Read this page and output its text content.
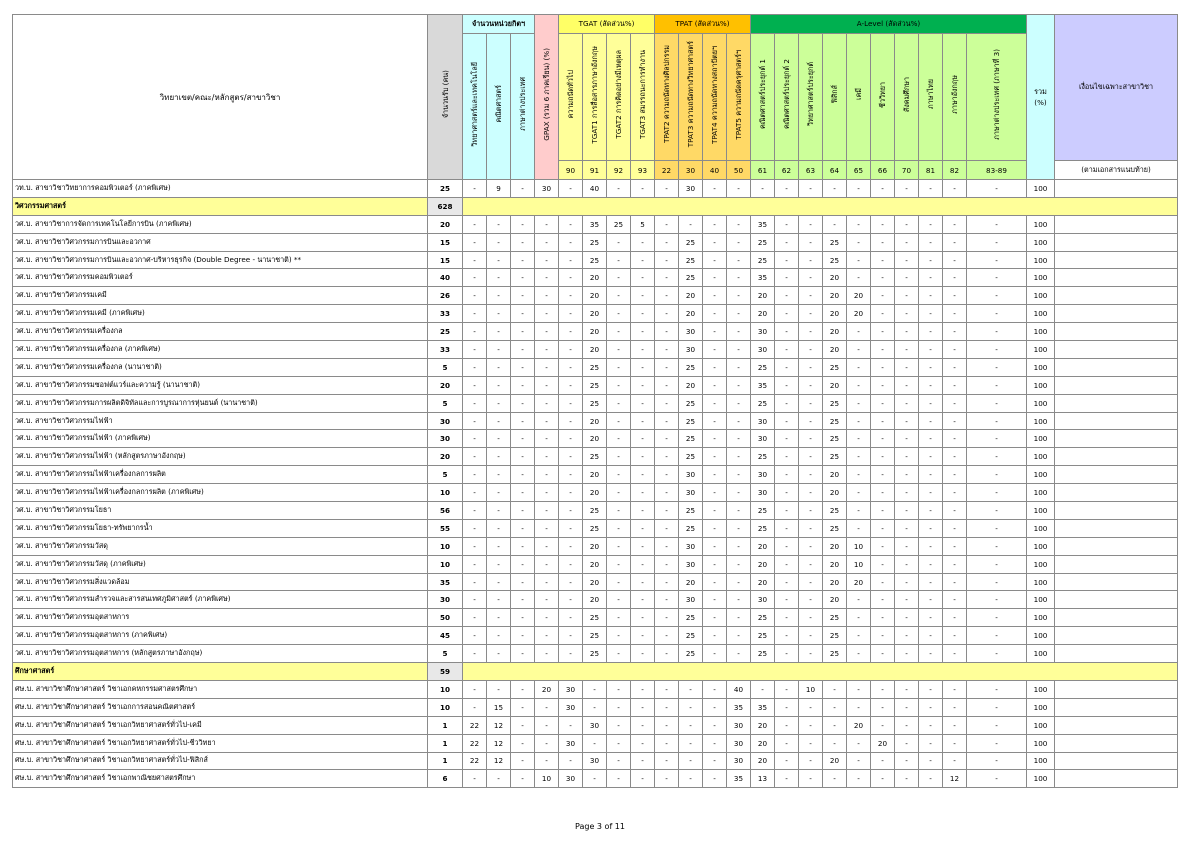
วิทยาเขต/คณะ/หลักสูตร/สาขาวิชา	จำนวนรับ (คน)	จำนวนหน่วยกิตฯ			GPAX (รวม 6 ภาคเรียน) (%)	TGAT (สัดส่วน%)				TPAT (สัดส่วน%)				A-Level (สัดส่วน%)										รวม (%)	เงื่อนไขเฉพาะสาขาวิชา
		วิทยาศาสตร์และเทคโนโลยี	คณิตศาสตร์	ภาษาต่างประเทศ		ความถนัดทั่วไป	TGAT1 การสื่อสารภาษาอังกฤษ	TGAT2 การคิดอย่างมีเหตุผล	TGAT3 สมรรถนะการทำงาน	TPAT2 ความถนัดทางศิลปกรรม	TPAT3 ความถนัดทางวิทยาศาสตร์	TPAT4 ความถนัดทางสถาปัตยฯ	TPAT5 ความถนัดครุศาสตร์ฯ	คณิตศาสตร์ประยุกต์ 1	คณิตศาสตร์ประยุกต์ 2	วิทยาศาสตร์ประยุกต์	ฟิสิกส์	เคมี	ชีววิทยา	สังคมศึกษา	ภาษาไทย	ภาษาอังกฤษ	ภาษาต่างประเทศ (ภาษาที่ 3)		
						90	91	92	93	22	30	40	50	61	62	63	64	65	66	70	81	82	83-89		(ตามเอกสารแนบท้าย)
วท.บ. สาขาวิชาวิทยาการคอมพิวเตอร์ (ภาคพิเศษ)	25	-	9	-	30	-	40	-	-	-	30	-	-	-	-	-	-	-	-	-	-	-	-	100	
วิศวกรรมศาสตร์	628																								
วศ.บ. สาขาวิชาการจัดการเทคโนโลยีการบิน (ภาคพิเศษ)	20	-	-	-	-	-	35	25	5	-	-	-	-	35	-	-	-	-	-	-	-	-	-	100	
วศ.บ. สาขาวิชาวิศวกรรมการบินและอวกาศ	15	-	-	-	-	-	25	-	-	-	25	-	-	25	-	-	25	-	-	-	-	-	-	100	
วศ.บ. สาขาวิชาวิศวกรรมการบินและอวกาศ-บริหารธุรกิจ (Double Degree - นานาชาติ) **	15	-	-	-	-	-	25	-	-	-	25	-	-	25	-	-	25	-	-	-	-	-	-	100	
วศ.บ. สาขาวิชาวิศวกรรมคอมพิวเตอร์	40	-	-	-	-	-	20	-	-	-	25	-	-	35	-	-	20	-	-	-	-	-	-	100	
วศ.บ. สาขาวิชาวิศวกรรมเคมี	26	-	-	-	-	-	20	-	-	-	20	-	-	20	-	-	20	20	-	-	-	-	-	100	
วศ.บ. สาขาวิชาวิศวกรรมเคมี (ภาคพิเศษ)	33	-	-	-	-	-	20	-	-	-	20	-	-	20	-	-	20	20	-	-	-	-	-	100	
วศ.บ. สาขาวิชาวิศวกรรมเครื่องกล	25	-	-	-	-	-	20	-	-	-	30	-	-	30	-	-	20	-	-	-	-	-	-	100	
วศ.บ. สาขาวิชาวิศวกรรมเครื่องกล (ภาคพิเศษ)	33	-	-	-	-	-	20	-	-	-	30	-	-	30	-	-	20	-	-	-	-	-	-	100	
วศ.บ. สาขาวิชาวิศวกรรมเครื่องกล (นานาชาติ)	5	-	-	-	-	-	25	-	-	-	25	-	-	25	-	-	25	-	-	-	-	-	-	100	
วศ.บ. สาขาวิชาวิศวกรรมซอฟต์แวร์และความรู้ (นานาชาติ)	20	-	-	-	-	-	25	-	-	-	20	-	-	35	-	-	20	-	-	-	-	-	-	100	
วศ.บ. สาขาวิชาวิศวกรรมการผลิตดิจิทัลและการบูรณาการหุ่นยนต์ (นานาชาติ)	5	-	-	-	-	-	25	-	-	-	25	-	-	25	-	-	25	-	-	-	-	-	-	100	
วศ.บ. สาขาวิชาวิศวกรรมไฟฟ้า	30	-	-	-	-	-	20	-	-	-	25	-	-	30	-	-	25	-	-	-	-	-	-	100	
วศ.บ. สาขาวิชาวิศวกรรมไฟฟ้า (ภาคพิเศษ)	30	-	-	-	-	-	20	-	-	-	25	-	-	30	-	-	25	-	-	-	-	-	-	100	
วศ.บ. สาขาวิชาวิศวกรรมไฟฟ้า (หลักสูตรภาษาอังกฤษ)	20	-	-	-	-	-	25	-	-	-	25	-	-	25	-	-	25	-	-	-	-	-	-	100	
วศ.บ. สาขาวิชาวิศวกรรมไฟฟ้าเครื่องกลการผลิต	5	-	-	-	-	-	20	-	-	-	30	-	-	30	-	-	20	-	-	-	-	-	-	100	
วศ.บ. สาขาวิชาวิศวกรรมไฟฟ้าเครื่องกลการผลิต (ภาคพิเศษ)	10	-	-	-	-	-	20	-	-	-	30	-	-	30	-	-	20	-	-	-	-	-	-	100	
วศ.บ. สาขาวิชาวิศวกรรมโยธา	56	-	-	-	-	-	25	-	-	-	25	-	-	25	-	-	25	-	-	-	-	-	-	100	
วศ.บ. สาขาวิชาวิศวกรรมโยธา-ทรัพยากรน้ำ	55	-	-	-	-	-	25	-	-	-	25	-	-	25	-	-	25	-	-	-	-	-	-	100	
วศ.บ. สาขาวิชาวิศวกรรมวัสดุ	10	-	-	-	-	-	20	-	-	-	30	-	-	20	-	-	20	10	-	-	-	-	-	100	
วศ.บ. สาขาวิชาวิศวกรรมวัสดุ (ภาคพิเศษ)	10	-	-	-	-	-	20	-	-	-	30	-	-	20	-	-	20	10	-	-	-	-	-	100	
วศ.บ. สาขาวิชาวิศวกรรมสิ่งแวดล้อม	35	-	-	-	-	-	20	-	-	-	20	-	-	20	-	-	20	20	-	-	-	-	-	100	
วศ.บ. สาขาวิชาวิศวกรรมสำรวจและสารสนเทศภูมิศาสตร์ (ภาคพิเศษ)	30	-	-	-	-	-	20	-	-	-	30	-	-	30	-	-	20	-	-	-	-	-	-	100	
วศ.บ. สาขาวิชาวิศวกรรมอุตสาหการ	50	-	-	-	-	-	25	-	-	-	25	-	-	25	-	-	25	-	-	-	-	-	-	100	
วศ.บ. สาขาวิชาวิศวกรรมอุตสาหการ (ภาคพิเศษ)	45	-	-	-	-	-	25	-	-	-	25	-	-	25	-	-	25	-	-	-	-	-	-	100	
วศ.บ. สาขาวิชาวิศวกรรมอุตสาหการ (หลักสูตรภาษาอังกฤษ)	5	-	-	-	-	-	25	-	-	-	25	-	-	25	-	-	25	-	-	-	-	-	-	100	
ศึกษาศาสตร์	59																								
ศษ.บ. สาขาวิชาศึกษาศาสตร์ วิชาเอกคหกรรมศาสตรศึกษา	10	-	-	-	20	30	-	-	-	-	-	-	40	-	-	10	-	-	-	-	-	-	-	100	
ศษ.บ. สาขาวิชาศึกษาศาสตร์ วิชาเอกการสอนคณิตศาสตร์	10	-	15	-	-	30	-	-	-	-	-	-	35	35	-	-	-	-	-	-	-	-	-	100	
ศษ.บ. สาขาวิชาศึกษาศาสตร์ วิชาเอกวิทยาศาสตร์ทั่วไป-เคมี	1	22	12	-	-	-	30	-	-	-	-	-	30	20	-	-	-	20	-	-	-	-	-	100	
ศษ.บ. สาขาวิชาศึกษาศาสตร์ วิชาเอกวิทยาศาสตร์ทั่วไป-ชีววิทยา	1	22	12	-	-	30	-	-	-	-	-	-	30	20	-	-	-	-	20	-	-	-	-	100	
ศษ.บ. สาขาวิชาศึกษาศาสตร์ วิชาเอกวิทยาศาสตร์ทั่วไป-ฟิสิกส์	1	22	12	-	-	-	30	-	-	-	-	-	30	20	-	-	20	-	-	-	-	-	-	100	
ศษ.บ. สาขาวิชาศึกษาศาสตร์ วิชาเอกพาณิชยศาสตรศึกษา	6	-	-	-	10	30	-	-	-	-	-	-	35	13	-	-	-	-	-	-	-	12	-	100	
Page 3 of 11
